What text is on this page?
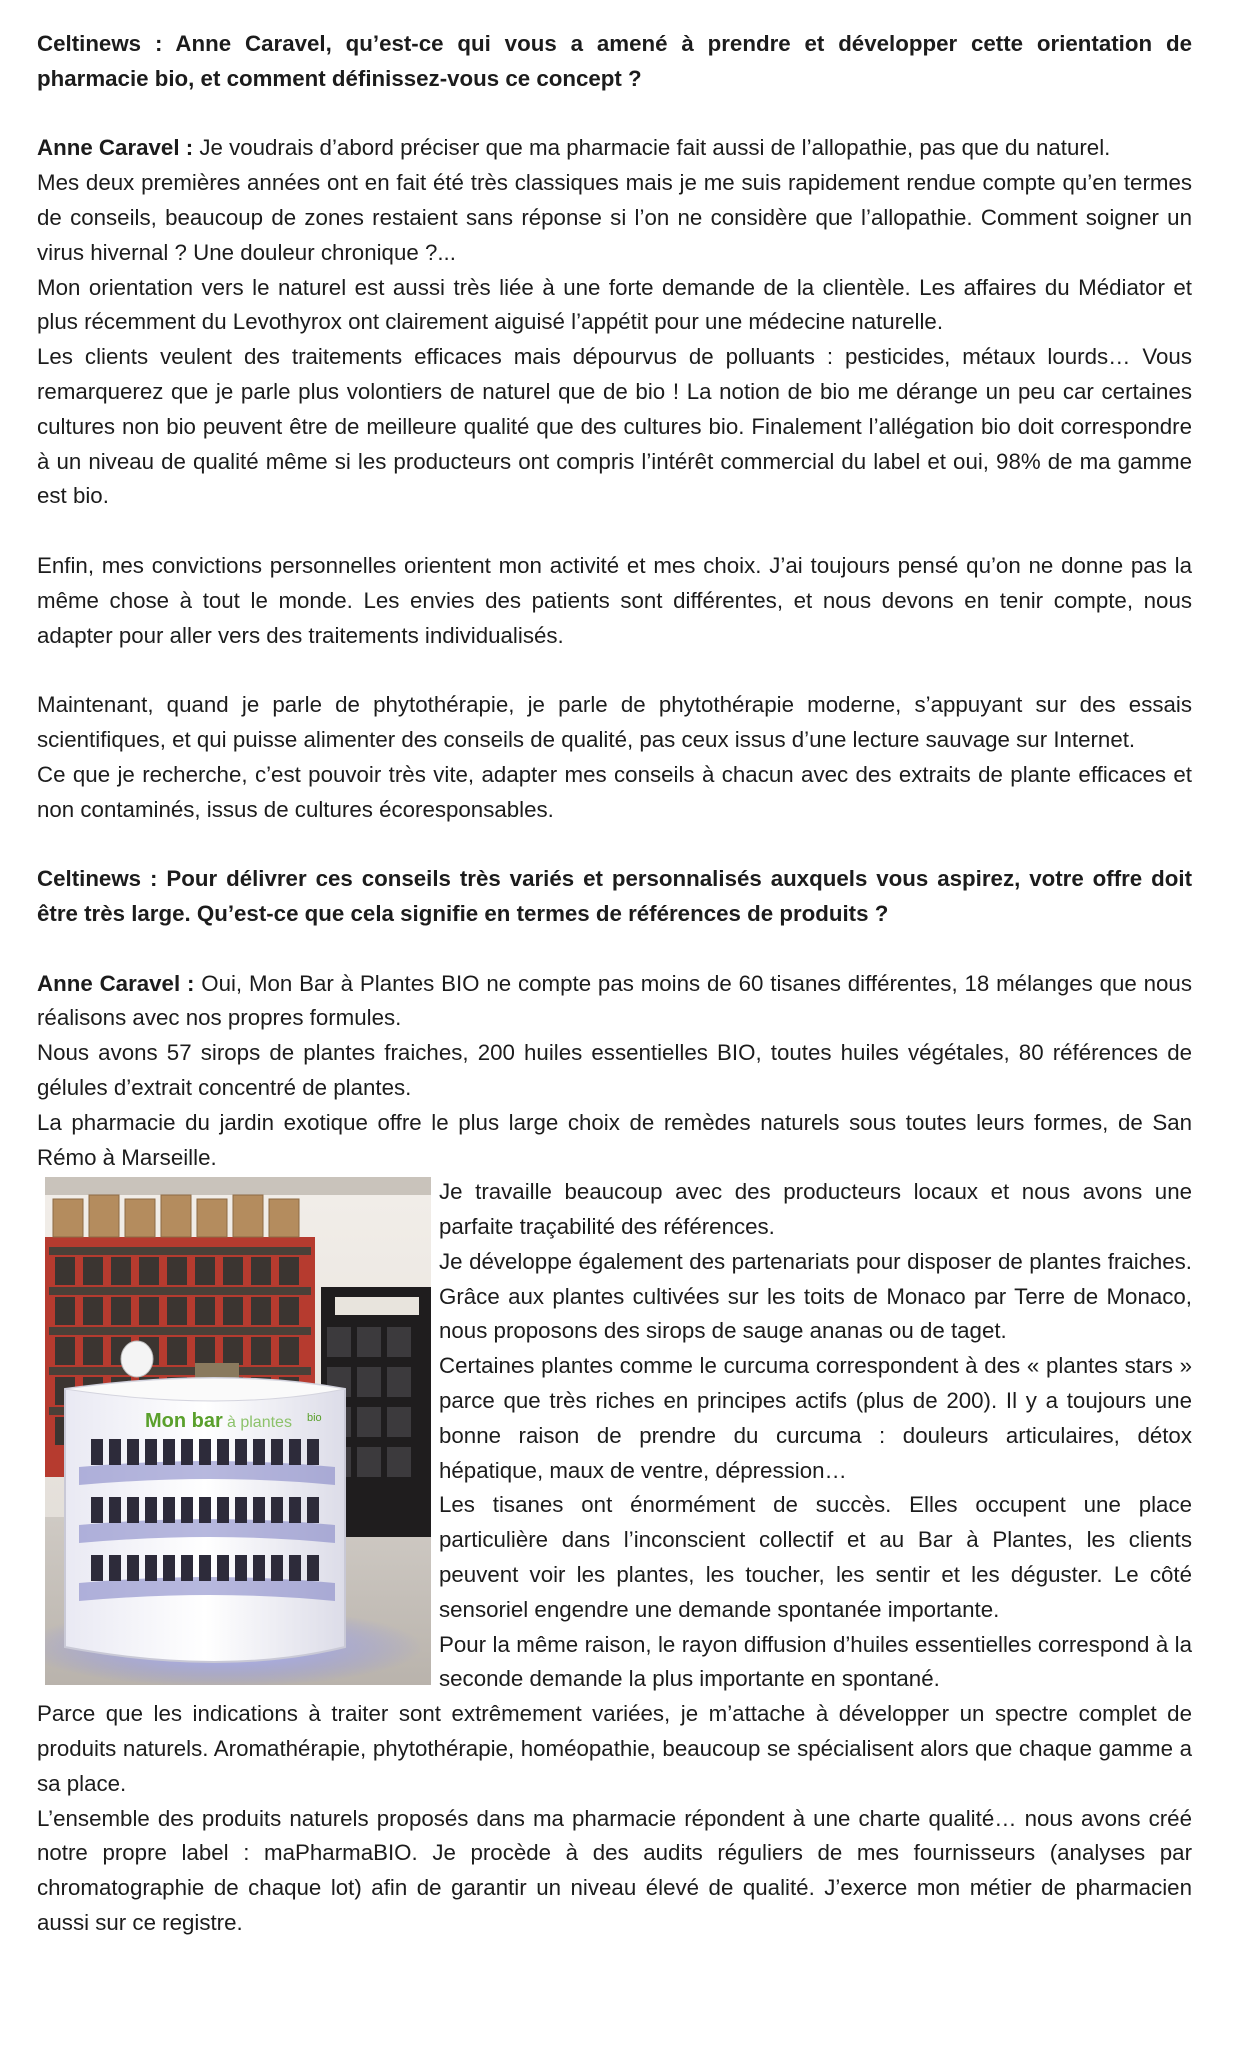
Celtinews : Anne Caravel, qu’est-ce qui vous a amené à prendre et développer cette orientation de pharmacie bio, et comment définissez-vous ce concept ?

Anne Caravel : Je voudrais d’abord préciser que ma pharmacie fait aussi de l’allopathie, pas que du naturel.

Mes deux premières années ont en fait été très classiques mais je me suis rapidement rendue compte qu’en termes de conseils, beaucoup de zones restaient sans réponse si l’on ne considère que l’allopathie. Comment soigner un virus hivernal ? Une douleur chronique ?...

Mon orientation vers le naturel est aussi très liée à une forte demande de la clientèle. Les affaires du Médiator et plus récemment du Levothyrox ont clairement aiguisé l’appétit pour une médecine naturelle.

Les clients veulent des traitements efficaces mais dépourvus de polluants : pesticides, métaux lourds… Vous remarquerez que je parle plus volontiers de naturel que de bio ! La notion de bio me dérange un peu car certaines cultures non bio peuvent être de meilleure qualité que des cultures bio. Finalement l’allégation bio doit correspondre à un niveau de qualité même si les producteurs ont compris l’intérêt commercial du label et oui, 98% de ma gamme est bio.

Enfin, mes convictions personnelles orientent mon activité et mes choix. J’ai toujours pensé qu’on ne donne pas la même chose à tout le monde. Les envies des patients sont différentes, et nous devons en tenir compte, nous adapter pour aller vers des traitements individualisés.

Maintenant, quand je parle de phytothérapie, je parle de phytothérapie moderne, s’appuyant sur des essais scientifiques, et qui puisse alimenter des conseils de qualité, pas ceux issus d’une lecture sauvage sur Internet.

Ce que je recherche, c’est pouvoir très vite, adapter mes conseils à chacun avec des extraits de plante efficaces et non contaminés, issus de cultures écoresponsables.

Celtinews : Pour délivrer ces conseils très variés et personnalisés auxquels vous aspirez, votre offre doit être très large. Qu’est-ce que cela signifie en termes de références de produits ?

Anne Caravel : Oui, Mon Bar à Plantes BIO ne compte pas moins de 60 tisanes différentes, 18 mélanges que nous réalisons avec nos propres formules.

Nous avons 57 sirops de plantes fraiches, 200 huiles essentielles BIO, toutes huiles végétales, 80 références de gélules d’extrait concentré de plantes.

La pharmacie du jardin exotique offre le plus large choix de remèdes naturels sous toutes leurs formes, de San Rémo à Marseille.

Mon bar à plantes bio

Je travaille beaucoup avec des producteurs locaux et nous avons une parfaite traçabilité des références.

Je développe également des partenariats pour disposer de plantes fraiches. Grâce aux plantes cultivées sur les toits de Monaco par Terre de Monaco, nous proposons des sirops de sauge ananas ou de taget.

Certaines plantes comme le curcuma correspondent à des « plantes stars » parce que très riches en principes actifs (plus de 200). Il y a toujours une bonne raison de prendre du curcuma : douleurs articulaires, détox hépatique, maux de ventre, dépression…

Les tisanes ont énormément de succès. Elles occupent une place particulière dans l’inconscient collectif et au Bar à Plantes, les clients peuvent voir les plantes, les toucher, les sentir et les déguster. Le côté sensoriel engendre une demande spontanée importante.

Pour la même raison, le rayon diffusion d’huiles essentielles correspond à la seconde demande la plus importante en spontané.

Parce que les indications à traiter sont extrêmement variées, je m’attache à développer un spectre complet de produits naturels. Aromathérapie, phytothérapie, homéopathie, beaucoup se spécialisent alors que chaque gamme a sa place.

L’ensemble des produits naturels proposés dans ma pharmacie répondent à une charte qualité… nous avons créé notre propre label : maPharmaBIO. Je procède à des audits réguliers de mes fournisseurs (analyses par chromatographie de chaque lot) afin de garantir un niveau élevé de qualité. J’exerce mon métier de pharmacien aussi sur ce registre.
